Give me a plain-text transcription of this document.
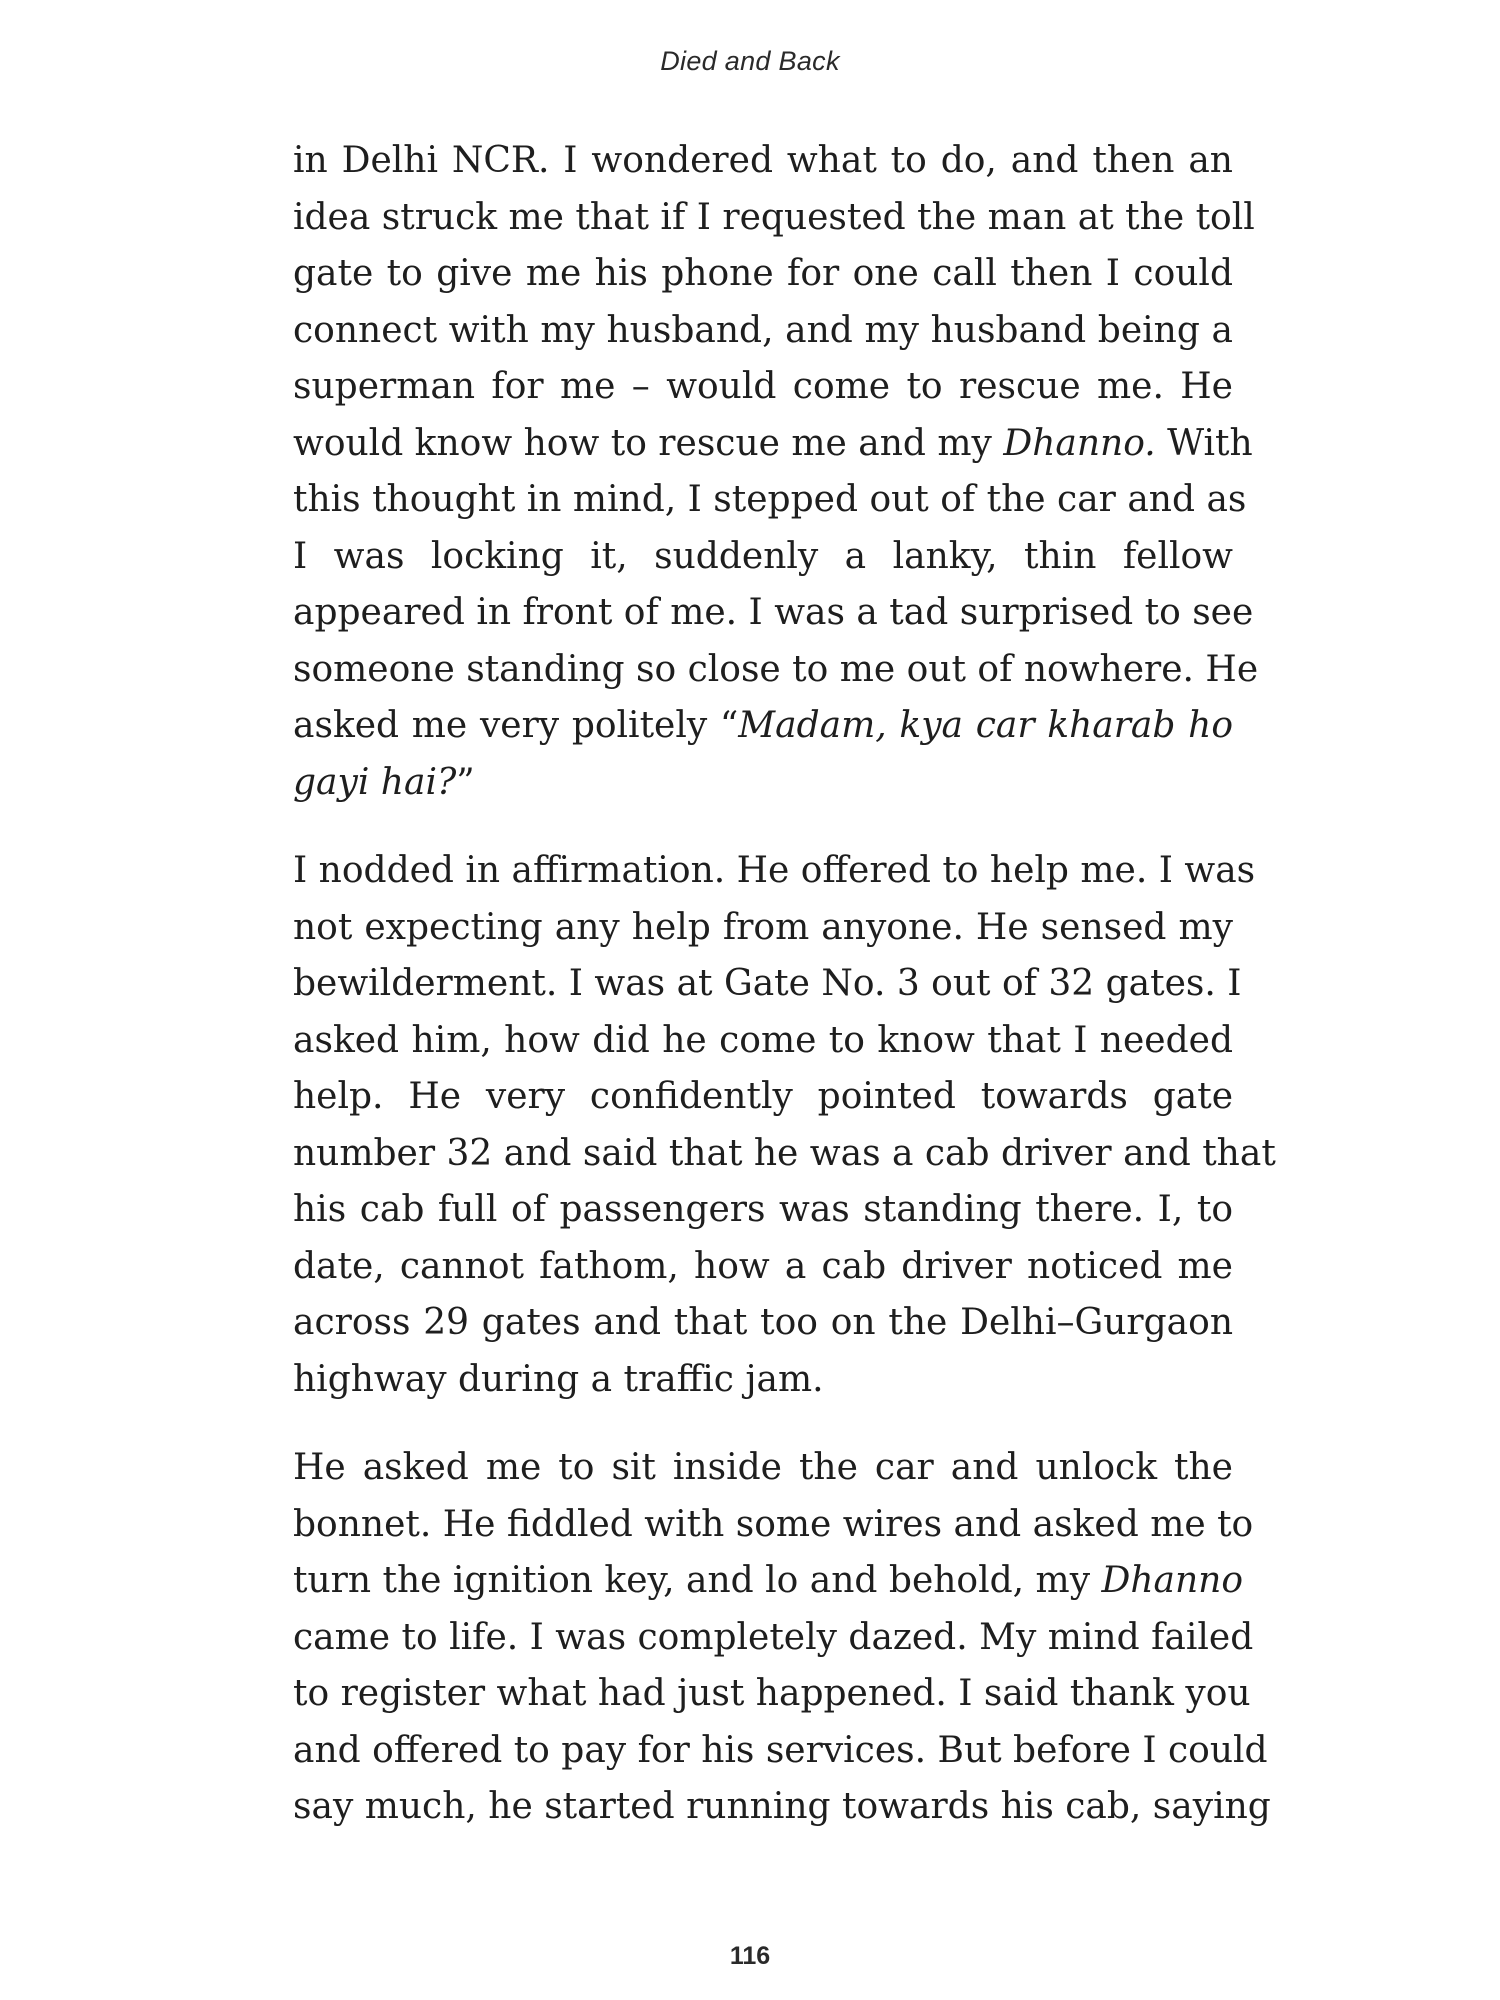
Died and Back
in Delhi NCR. I wondered what to do, and then an
idea struck me that if I requested the man at the toll
gate to give me his phone for one call then I could
connect with my husband, and my husband being a
superman for me – would come to rescue me. He
would know how to rescue me and my Dhanno. With
this thought in mind, I stepped out of the car and as
I was locking it, suddenly a lanky, thin fellow
appeared in front of me. I was a tad surprised to see
someone standing so close to me out of nowhere. He
asked me very politely “Madam, kya car kharab ho
gayi hai?”
I nodded in affirmation. He offered to help me. I was
not expecting any help from anyone. He sensed my
bewilderment. I was at Gate No. 3 out of 32 gates. I
asked him, how did he come to know that I needed
help. He very confidently pointed towards gate
number 32 and said that he was a cab driver and that
his cab full of passengers was standing there. I, to
date, cannot fathom, how a cab driver noticed me
across 29 gates and that too on the Delhi–Gurgaon
highway during a traffic jam.
He asked me to sit inside the car and unlock the
bonnet. He fiddled with some wires and asked me to
turn the ignition key, and lo and behold, my Dhanno
came to life. I was completely dazed. My mind failed
to register what had just happened. I said thank you
and offered to pay for his services. But before I could
say much, he started running towards his cab, saying
116
